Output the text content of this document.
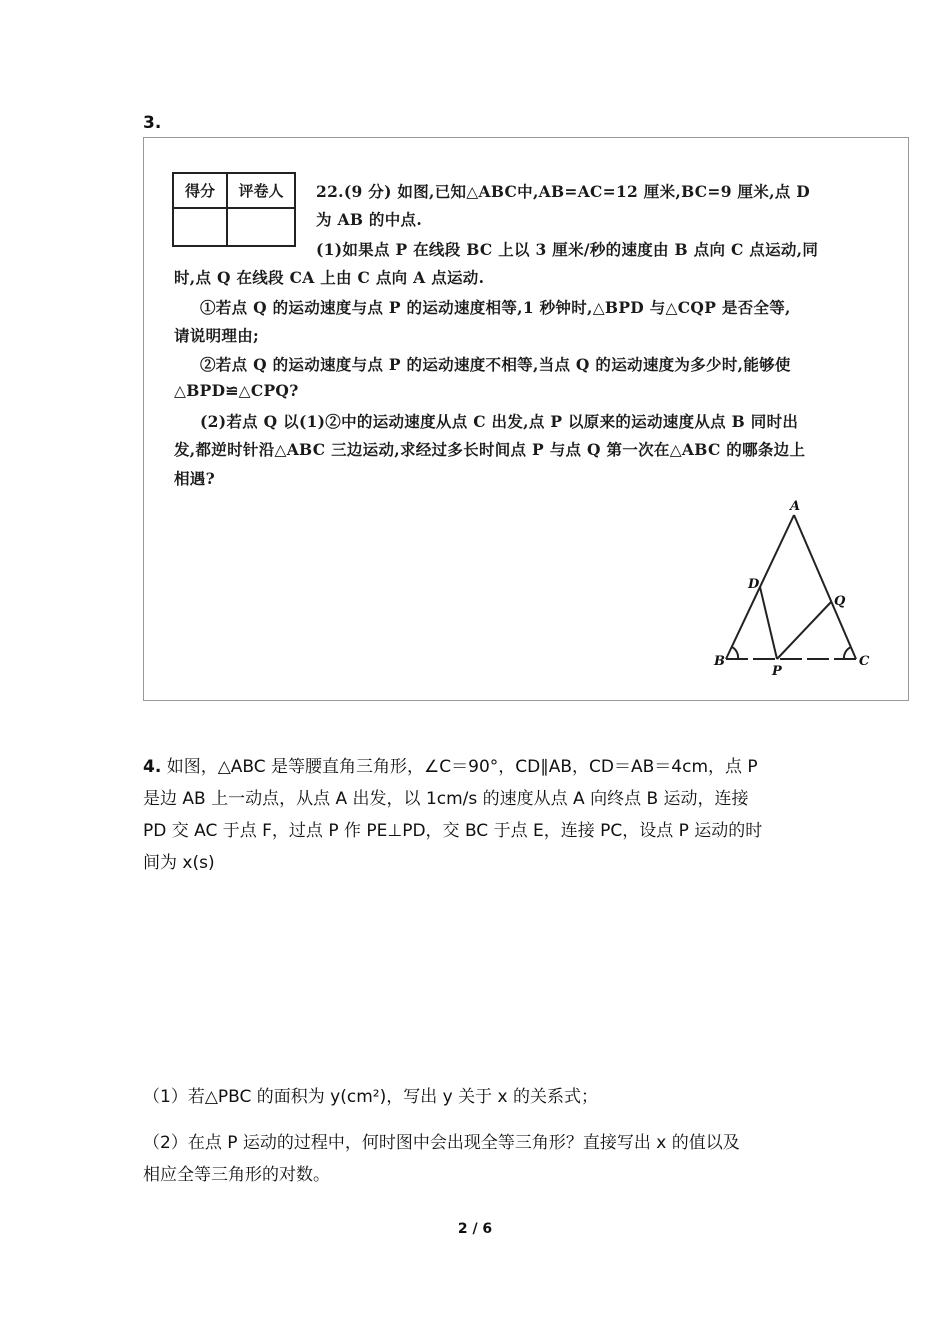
3.
得分	评卷人
	22.(9 分) 如图,已知△ABC中,AB=AC=12 厘米,BC=9 厘米,点 D
为 AB 的中点.
(1)如果点 P 在线段 BC 上以 3 厘米/秒的速度由 B 点向 C 点运动,同
时,点 Q 在线段 CA 上由 C 点向 A 点运动.
①若点 Q 的运动速度与点 P 的运动速度相等,1 秒钟时,△BPD 与△CQP 是否全等,
请说明理由;
②若点 Q 的运动速度与点 P 的运动速度不相等,当点 Q 的运动速度为多少时,能够使
△BPD≌△CPQ?
(2)若点 Q 以(1)②中的运动速度从点 C 出发,点 P 以原来的运动速度从点 B 同时出
发,都逆时针沿△ABC 三边运动,求经过多长时间点 P 与点 Q 第一次在△ABC 的哪条边上
相遇?
A
D
Q
B
P
C
4. 如图，△ABC 是等腰直角三角形，∠C＝90°，CD∥AB，CD＝AB＝4cm，点 P
是边 AB 上一动点，从点 A 出发，以 1cm/s 的速度从点 A 向终点 B 运动，连接
PD 交 AC 于点 F，过点 P 作 PE⊥PD，交 BC 于点 E，连接 PC，设点 P 运动的时
间为 x(s)
（1）若△PBC 的面积为 y(cm²)，写出 y 关于 x 的关系式；
（2）在点 P 运动的过程中，何时图中会出现全等三角形？直接写出 x 的值以及
相应全等三角形的对数。
2 / 6
